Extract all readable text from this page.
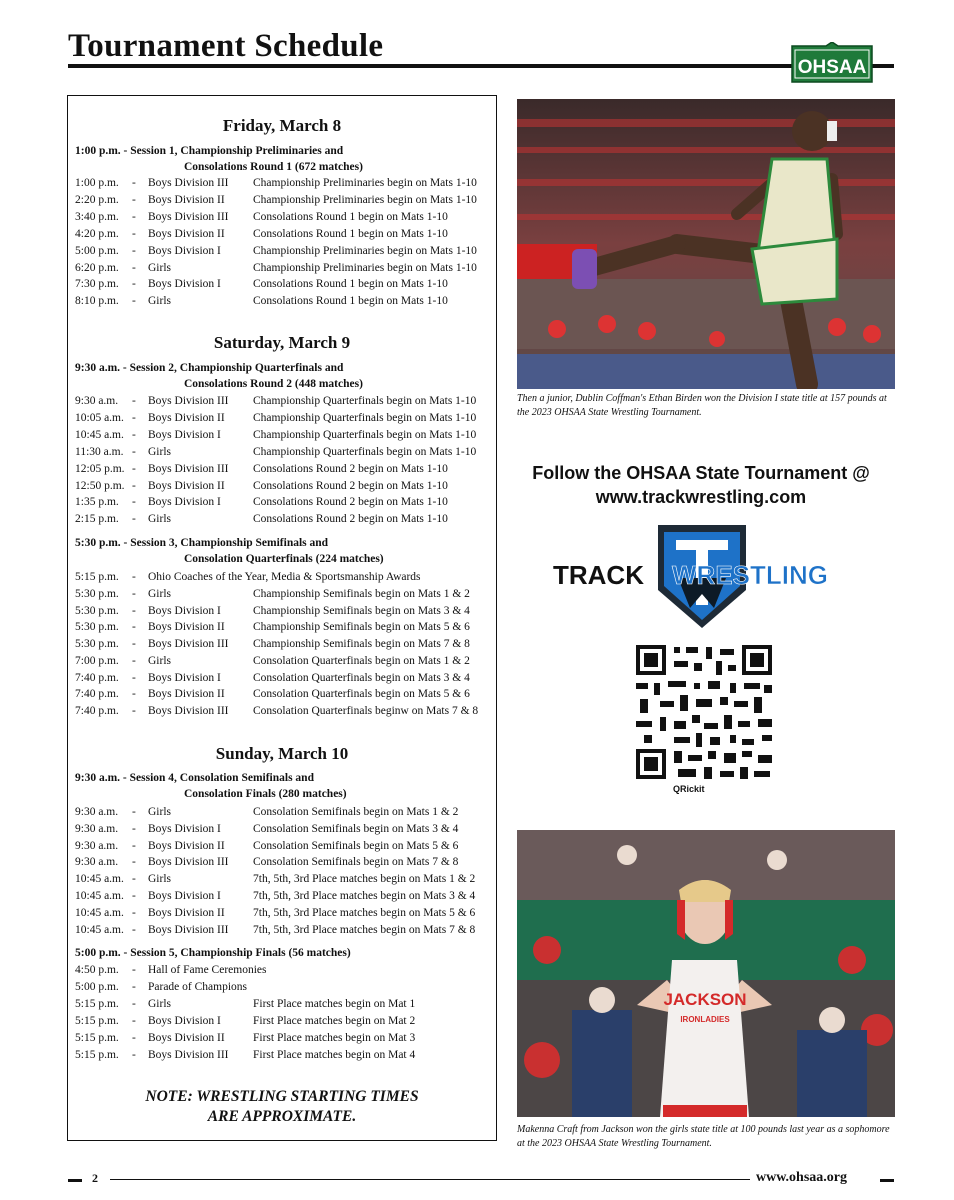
Tournament Schedule
OHSAA
Friday, March 8
1:00 p.m. - Session 1, Championship Preliminaries and
Consolations Round 1 (672 matches)
1:00 p.m. - Boys Division III Championship Preliminaries begin on Mats 1-10
2:20 p.m. - Boys Division II Championship Preliminaries begin on Mats 1-10
3:40 p.m. - Boys Division III Consolations Round 1 begin on Mats 1-10
4:20 p.m. - Boys Division II Consolations Round 1 begin on Mats 1-10
5:00 p.m. - Boys Division I	Championship Preliminaries begin on Mats 1-10
6:20 p.m. - Girls	Championship Preliminaries begin on Mats 1-10
7:30 p.m. - Boys Division I	Consolations Round 1 begin on Mats 1-10
8:10 p.m. - Girls	Consolations Round 1 begin on Mats 1-10
Saturday, March 9
9:30 a.m. - Session 2, Championship Quarterfinals and
Consolations Round 2 (448 matches)
9:30 a.m. - Boys Division III Championship Quarterfinals begin on Mats 1-10
10:05 a.m. - Boys Division II Championship Quarterfinals begin on Mats 1-10
10:45 a.m. - Boys Division I	Championship Quarterfinals begin on Mats 1-10
11:30 a.m. - Girls	Championship Quarterfinals begin on Mats 1-10
12:05 p.m. - Boys Division III Consolations Round 2 begin on Mats 1-10
12:50 p.m. - Boys Division II Consolations Round 2 begin on Mats 1-10
1:35 p.m. - Boys Division I	Consolations Round 2 begin on Mats 1-10
2:15 p.m. - Girls	Consolations Round 2 begin on Mats 1-10
5:30 p.m. - Session 3, Championship Semifinals and
Consolation Quarterfinals (224 matches)
5:15 p.m. - Ohio Coaches of the Year, Media & Sportsmanship Awards
5:30 p.m. - Girls	Championship Semifinals begin on Mats 1 & 2
5:30 p.m. - Boys Division I	Championship Semifinals begin on Mats 3 & 4
5:30 p.m. - Boys Division II Championship Semifinals begin on Mats 5 & 6
5:30 p.m. - Boys Division III Championship Semifinals begin on Mats 7 & 8
7:00 p.m. - Girls	Consolation Quarterfinals begin on Mats 1 & 2
7:40 p.m. - Boys Division I	Consolation Quarterfinals begin on Mats 3 & 4
7:40 p.m. - Boys Division II Consolation Quarterfinals begin on Mats 5 & 6
7:40 p.m. - Boys Division III Consolation Quarterfinals beginw on Mats 7 & 8
Sunday, March 10
9:30 a.m. - Session 4, Consolation Semifinals and
Consolation Finals (280 matches)
9:30 a.m. - Girls	Consolation Semifinals begin on Mats 1 & 2
9:30 a.m. - Boys Division I	Consolation Semifinals begin on Mats 3 & 4
9:30 a.m. - Boys Division II Consolation Semifinals begin on Mats 5 & 6
9:30 a.m. - Boys Division III Consolation Semifinals begin on Mats 7 & 8
10:45 a.m. - Girls	7th, 5th, 3rd Place matches begin on Mats 1 & 2
10:45 a.m. - Boys Division I	7th, 5th, 3rd Place matches begin on Mats 3 & 4
10:45 a.m. - Boys Division II 7th, 5th, 3rd Place matches begin on Mats 5 & 6
10:45 a.m. - Boys Division III 7th, 5th, 3rd Place matches begin on Mats 7 & 8
5:00 p.m. - Session 5, Championship Finals (56 matches)
4:50 p.m. - Hall of Fame Ceremonies
5:00 p.m. - Parade of Champions
5:15 p.m. - Girls	First Place matches begin on Mat 1
5:15 p.m. - Boys Division I	First Place matches begin on Mat 2
5:15 p.m. - Boys Division II First Place matches begin on Mat 3
5:15 p.m. - Boys Division III First Place matches begin on Mat 4
NOTE: WRESTLING STARTING TIMES
ARE APPROXIMATE.
Then a junior, Dublin Coffman's Ethan Birden won the Division I state title at 157 pounds at the 2023 OHSAA State Wrestling Tournament.
Follow the OHSAA State Tournament @
www.trackwrestling.com
TRACK WRESTLING
QRickit
JACKSON
IRONLADIES
Makenna Craft from Jackson won the girls state title at 100 pounds last year as a sophomore at the 2023 OHSAA State Wrestling Tournament.
2	www.ohsaa.org
